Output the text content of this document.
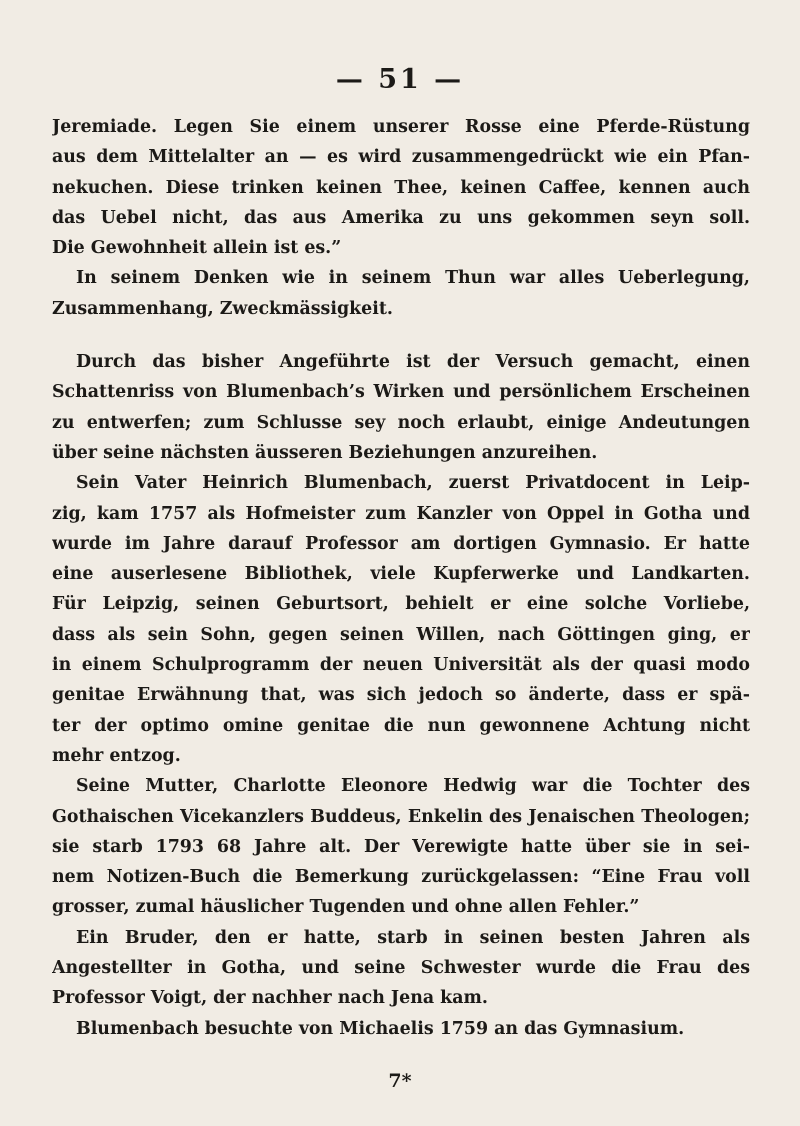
— 51 —
Jeremiade. Legen Sie einem unserer Rosse eine Pferde-Rüstung
aus dem Mittelalter an — es wird zusammengedrückt wie ein Pfan-
nekuchen. Diese trinken keinen Thee, keinen Caffee, kennen auch
das Uebel nicht, das aus Amerika zu uns gekommen seyn soll.
Die Gewohnheit allein ist es.”
In seinem Denken wie in seinem Thun war alles Ueberlegung,
Zusammenhang, Zweckmässigkeit.
Durch das bisher Angeführte ist der Versuch gemacht, einen
Schattenriss von Blumenbach’s Wirken und persönlichem Erscheinen
zu entwerfen; zum Schlusse sey noch erlaubt, einige Andeutungen
über seine nächsten äusseren Beziehungen anzureihen.
Sein Vater Heinrich Blumenbach, zuerst Privatdocent in Leip-
zig, kam 1757 als Hofmeister zum Kanzler von Oppel in Gotha und
wurde im Jahre darauf Professor am dortigen Gymnasio. Er hatte
eine auserlesene Bibliothek, viele Kupferwerke und Landkarten.
Für Leipzig, seinen Geburtsort, behielt er eine solche Vorliebe,
dass als sein Sohn, gegen seinen Willen, nach Göttingen ging, er
in einem Schulprogramm der neuen Universität als der quasi modo
genitae Erwähnung that, was sich jedoch so änderte, dass er spä-
ter der optimo omine genitae die nun gewonnene Achtung nicht
mehr entzog.
Seine Mutter, Charlotte Eleonore Hedwig war die Tochter des
Gothaischen Vicekanzlers Buddeus, Enkelin des Jenaischen Theologen;
sie starb 1793 68 Jahre alt. Der Verewigte hatte über sie in sei-
nem Notizen-Buch die Bemerkung zurückgelassen: “Eine Frau voll
grosser, zumal häuslicher Tugenden und ohne allen Fehler.”
Ein Bruder, den er hatte, starb in seinen besten Jahren als
Angestellter in Gotha, und seine Schwester wurde die Frau des
Professor Voigt, der nachher nach Jena kam.
Blumenbach besuchte von Michaelis 1759 an das Gymnasium.
7*
